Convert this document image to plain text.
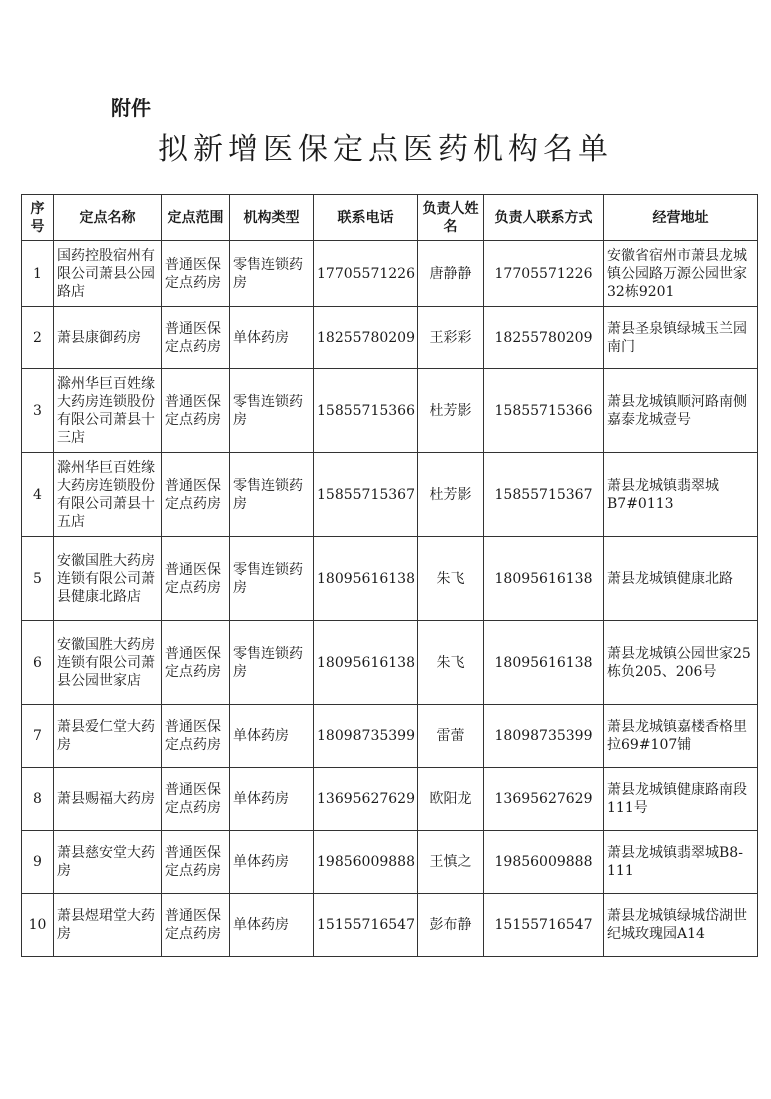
附件
拟新增医保定点医药机构名单
序号	定点名称	定点范围	机构类型	联系电话	负责人姓名	负责人联系方式	经营地址
1	国药控股宿州有限公司萧县公园路店	普通医保定点药房	零售连锁药房	17705571226	唐静静	17705571226	安徽省宿州市萧县龙城镇公园路万源公园世家32栋9201
2	萧县康御药房	普通医保定点药房	单体药房	18255780209	王彩彩	18255780209	萧县圣泉镇绿城玉兰园南门
3	滁州华巨百姓缘大药房连锁股份有限公司萧县十三店	普通医保定点药房	零售连锁药房	15855715366	杜芳影	15855715366	萧县龙城镇顺河路南侧嘉泰龙城壹号
4	滁州华巨百姓缘大药房连锁股份有限公司萧县十五店	普通医保定点药房	零售连锁药房	15855715367	杜芳影	15855715367	萧县龙城镇翡翠城B7#0113
5	安徽国胜大药房连锁有限公司萧县健康北路店	普通医保定点药房	零售连锁药房	18095616138	朱飞	18095616138	萧县龙城镇健康北路
6	安徽国胜大药房连锁有限公司萧县公园世家店	普通医保定点药房	零售连锁药房	18095616138	朱飞	18095616138	萧县龙城镇公园世家25栋负205、206号
7	萧县爱仁堂大药房	普通医保定点药房	单体药房	18098735399	雷蕾	18098735399	萧县龙城镇嘉楼香格里拉69#107铺
8	萧县赐福大药房	普通医保定点药房	单体药房	13695627629	欧阳龙	13695627629	萧县龙城镇健康路南段111号
9	萧县慈安堂大药房	普通医保定点药房	单体药房	19856009888	王慎之	19856009888	萧县龙城镇翡翠城B8-111
10	萧县煜珺堂大药房	普通医保定点药房	单体药房	15155716547	彭布静	15155716547	萧县龙城镇绿城岱湖世纪城玫瑰园A14
